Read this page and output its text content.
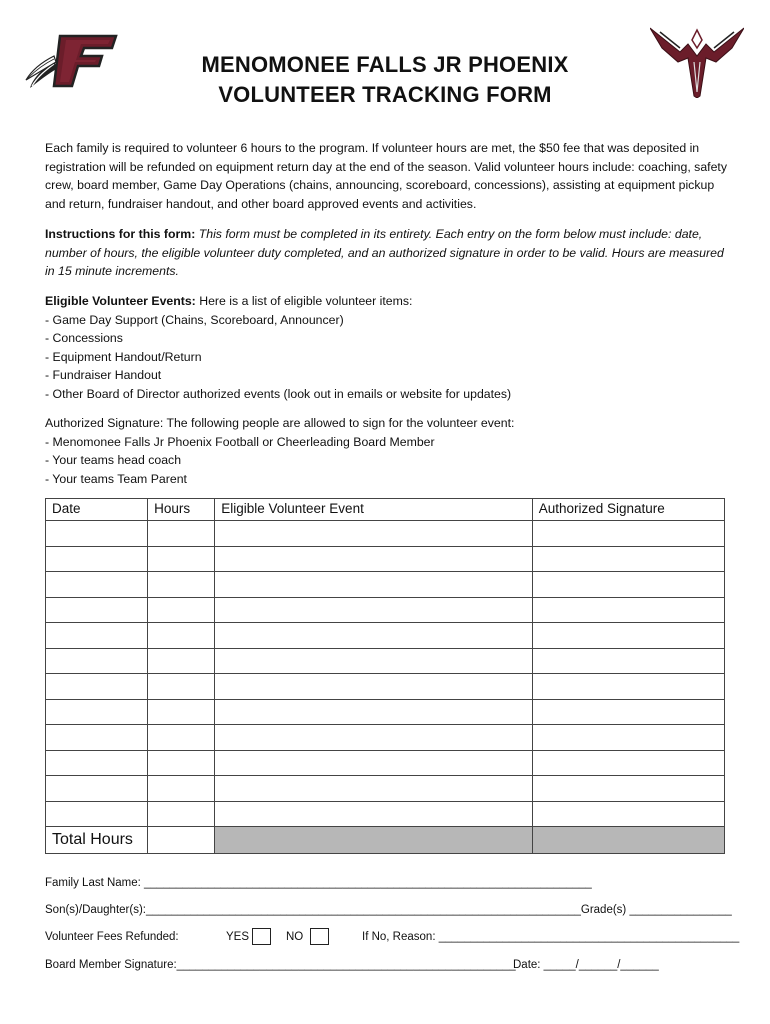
MENOMONEE FALLS JR PHOENIX
VOLUNTEER TRACKING FORM

Each family is required to volunteer 6 hours to the program. If volunteer hours are met, the $50 fee that was deposited in registration will be refunded on equipment return day at the end of the season. Valid volunteer hours include: coaching, safety crew, board member, Game Day Operations (chains, announcing, scoreboard, concessions), assisting at equipment pickup and return, fundraiser handout, and other board approved events and activities.

Instructions for this form: This form must be completed in its entirety. Each entry on the form below must include: date, number of hours, the eligible volunteer duty completed, and an authorized signature in order to be valid. Hours are measured in 15 minute increments.

Eligible Volunteer Events: Here is a list of eligible volunteer items:

- Game Day Support (Chains, Scoreboard, Announcer)

- Concessions

- Equipment Handout/Return

- Fundraiser Handout

- Other Board of Director authorized events (look out in emails or website for updates)

Authorized Signature: The following people are allowed to sign for the volunteer event:

- Menomonee Falls Jr Phoenix Football or Cheerleading Board Member

- Your teams head coach

- Your teams Team Parent

Date	Hours	Eligible Volunteer Event	Authorized Signature

Total Hours			
Family Last Name: ______________________________________________________________________
Son(s)/Daughter(s):____________________________________________________________________Grade(s) ________________
Volunteer Fees Refunded:	YES	NO	If No, Reason: _______________________________________________
Board Member Signature:_____________________________________________________
Date: _____/______/______
